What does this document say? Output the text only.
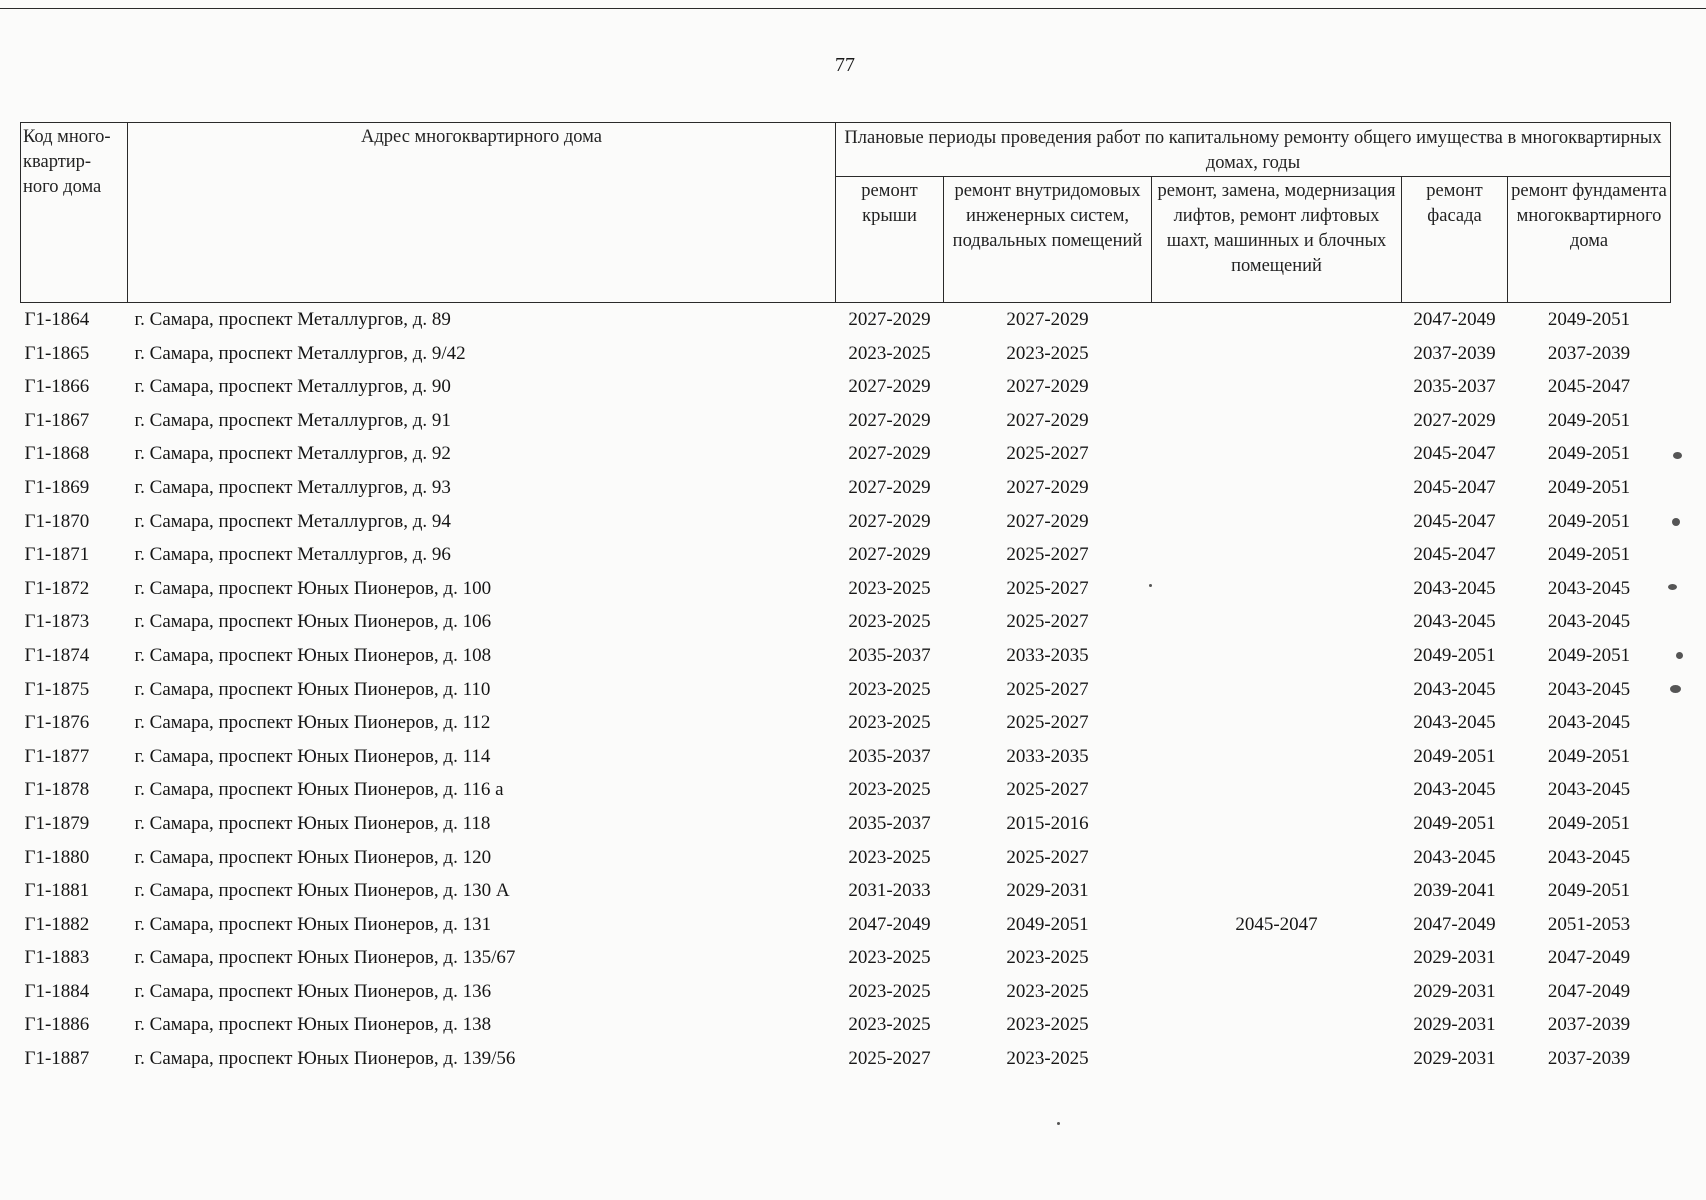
77
Код много-квартир-ного дома	Адрес многоквартирного дома	Плановые периоды проведения работ по капитальному ремонту общего имущества в многоквартирных домах, годы				
		ремонт крыши	ремонт внутридомовых инженерных систем, подвальных помещений	ремонт, замена, модернизация лифтов, ремонт лифтовых шахт, машинных и блочных помещений	ремонт фасада	ремонт фундамента многоквартирного дома
Г1-1864	г. Самара, проспект Металлургов, д. 89	2027-2029	2027-2029		2047-2049	2049-2051
Г1-1865	г. Самара, проспект Металлургов, д. 9/42	2023-2025	2023-2025		2037-2039	2037-2039
Г1-1866	г. Самара, проспект Металлургов, д. 90	2027-2029	2027-2029		2035-2037	2045-2047
Г1-1867	г. Самара, проспект Металлургов, д. 91	2027-2029	2027-2029		2027-2029	2049-2051
Г1-1868	г. Самара, проспект Металлургов, д. 92	2027-2029	2025-2027		2045-2047	2049-2051
Г1-1869	г. Самара, проспект Металлургов, д. 93	2027-2029	2027-2029		2045-2047	2049-2051
Г1-1870	г. Самара, проспект Металлургов, д. 94	2027-2029	2027-2029		2045-2047	2049-2051
Г1-1871	г. Самара, проспект Металлургов, д. 96	2027-2029	2025-2027		2045-2047	2049-2051
Г1-1872	г. Самара, проспект Юных Пионеров, д. 100	2023-2025	2025-2027		2043-2045	2043-2045
Г1-1873	г. Самара, проспект Юных Пионеров, д. 106	2023-2025	2025-2027		2043-2045	2043-2045
Г1-1874	г. Самара, проспект Юных Пионеров, д. 108	2035-2037	2033-2035		2049-2051	2049-2051
Г1-1875	г. Самара, проспект Юных Пионеров, д. 110	2023-2025	2025-2027		2043-2045	2043-2045
Г1-1876	г. Самара, проспект Юных Пионеров, д. 112	2023-2025	2025-2027		2043-2045	2043-2045
Г1-1877	г. Самара, проспект Юных Пионеров, д. 114	2035-2037	2033-2035		2049-2051	2049-2051
Г1-1878	г. Самара, проспект Юных Пионеров, д. 116 а	2023-2025	2025-2027		2043-2045	2043-2045
Г1-1879	г. Самара, проспект Юных Пионеров, д. 118	2035-2037	2015-2016		2049-2051	2049-2051
Г1-1880	г. Самара, проспект Юных Пионеров, д. 120	2023-2025	2025-2027		2043-2045	2043-2045
Г1-1881	г. Самара, проспект Юных Пионеров, д. 130 А	2031-2033	2029-2031		2039-2041	2049-2051
Г1-1882	г. Самара, проспект Юных Пионеров, д. 131	2047-2049	2049-2051	2045-2047	2047-2049	2051-2053
Г1-1883	г. Самара, проспект Юных Пионеров, д. 135/67	2023-2025	2023-2025		2029-2031	2047-2049
Г1-1884	г. Самара, проспект Юных Пионеров, д. 136	2023-2025	2023-2025		2029-2031	2047-2049
Г1-1886	г. Самара, проспект Юных Пионеров, д. 138	2023-2025	2023-2025		2029-2031	2037-2039
Г1-1887	г. Самара, проспект Юных Пионеров, д. 139/56	2025-2027	2023-2025		2029-2031	2037-2039
